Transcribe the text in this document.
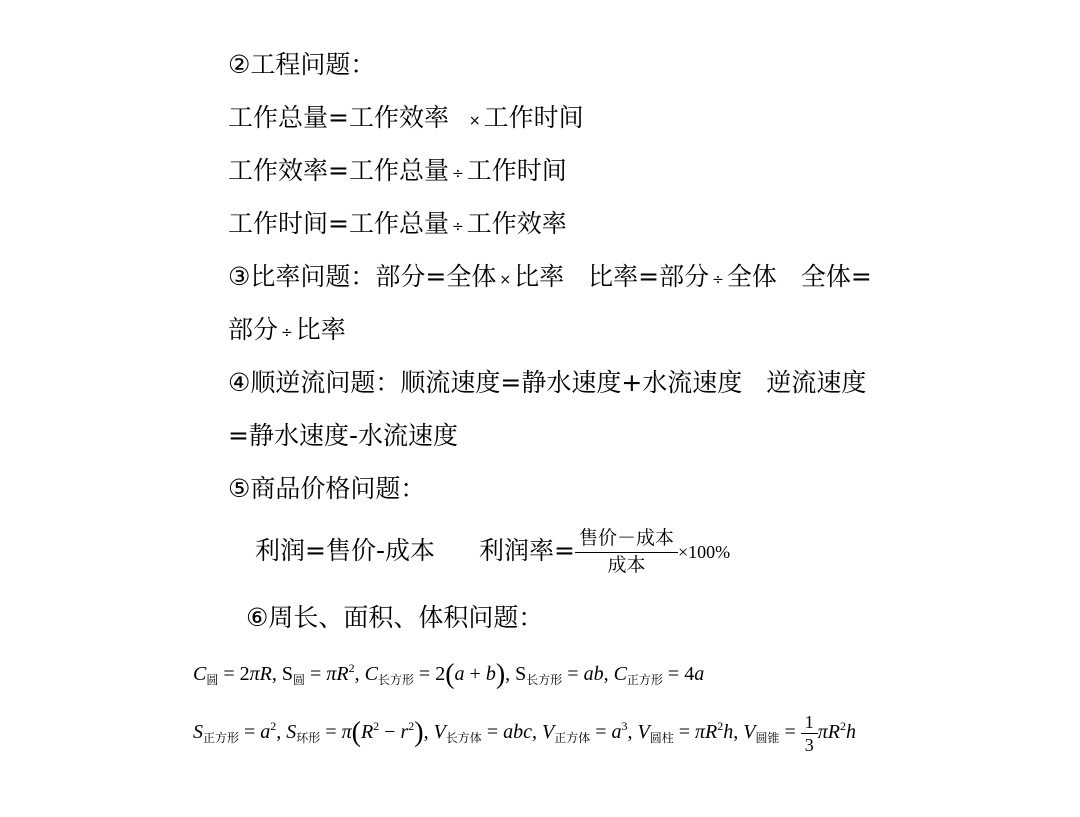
②工程问题：
工作总量=工作效率 × 工作时间
工作效率=工作总量 ÷ 工作时间
工作时间=工作总量 ÷ 工作效率
③比率问题：部分=全体 × 比率 比率=部分 ÷ 全体 全体=
部分 ÷ 比率
④顺逆流问题：顺流速度=静水速度+水流速度 逆流速度
=静水速度-水流速度
⑤商品价格问题：
利润=售价-成本 利润率= $\frac{\text{售价－成本}}{\text{成本}} \times 100\%$
⑥周长、面积、体积问题：
$C_圆 = 2\pi R$, $S_圆 = \pi R^2$, $C_{长方形} = 2(a + b)$, $S_{长方形}$ = ab, $C_{正方形} = 4a$
$S_{正方形} = a^2$, $S_{环形} = \pi(R^2 - r^2)$, $V_{长方体}$ = abc, $V_{正方体} = a^3$, $V_{圆柱} = \pi R^2h$, $V_{圆锥} = \frac{1}{3} \pi R^2h$
